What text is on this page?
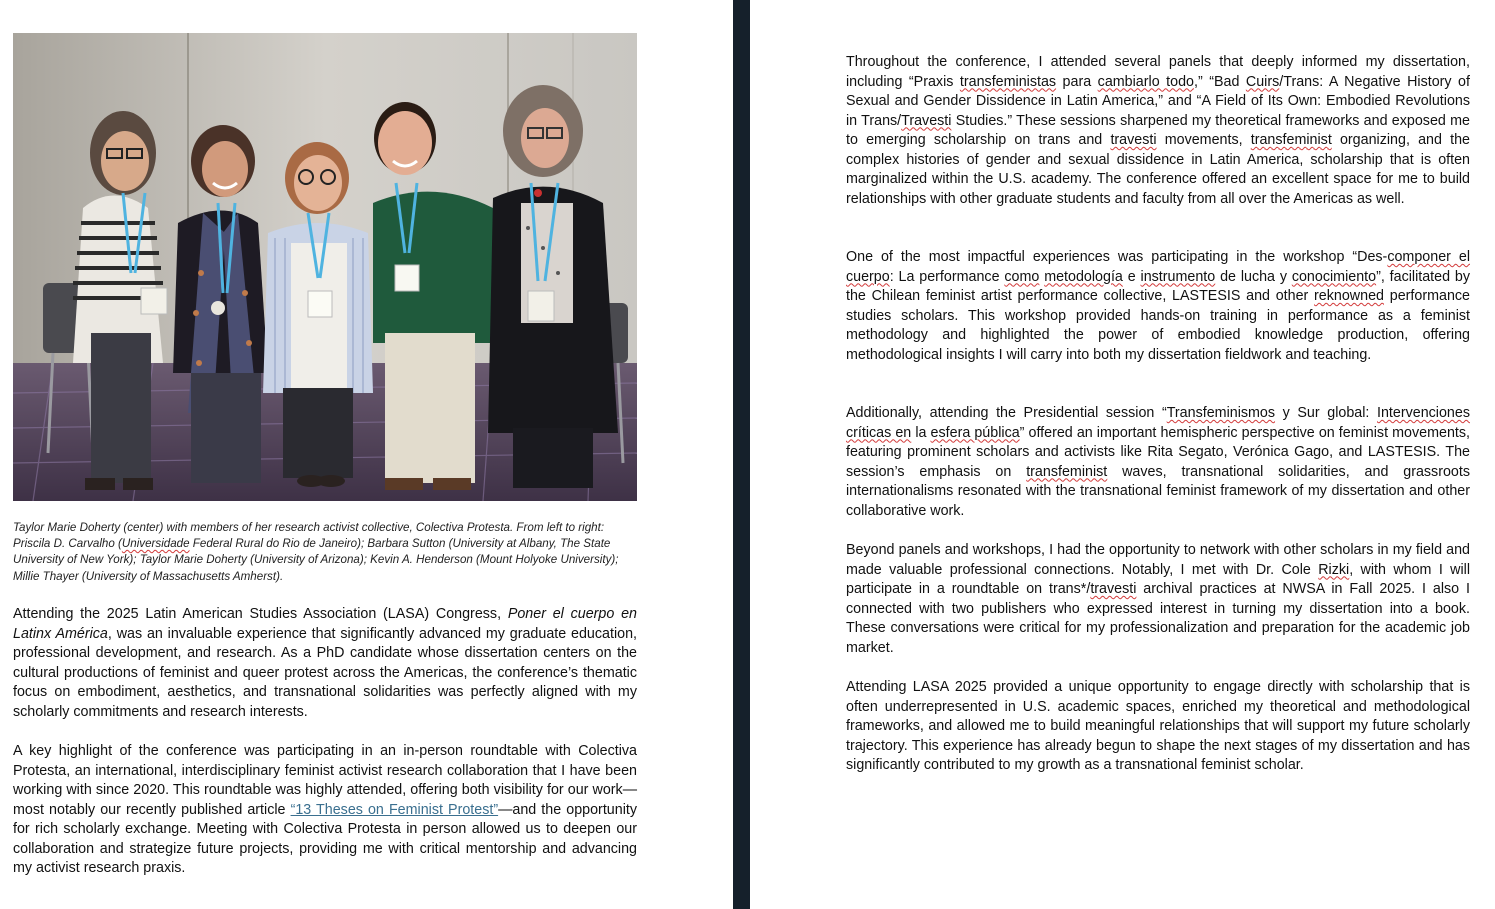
Taylor Marie Doherty (center) with members of her research activist collective, Colectiva Protesta. From left to right: Priscila D. Carvalho (Universidade Federal Rural do Rio de Janeiro); Barbara Sutton (University at Albany, The State University of New York); Taylor Marie Doherty (University of Arizona); Kevin A. Henderson (Mount Holyoke University); Millie Thayer (University of Massachusetts Amherst).

Attending the 2025 Latin American Studies Association (LASA) Congress, Poner el cuerpo en Latinx América, was an invaluable experience that significantly advanced my graduate education, professional development, and research. As a PhD candidate whose dissertation centers on the cultural productions of feminist and queer protest across the Americas, the conference’s thematic focus on embodiment, aesthetics, and transnational solidarities was perfectly aligned with my scholarly commitments and research interests.

A key highlight of the conference was participating in an in-person roundtable with Colectiva Protesta, an international, interdisciplinary feminist activist research collaboration that I have been working with since 2020. This roundtable was highly attended, offering both visibility for our work—most notably our recently published article “13 Theses on Feminist Protest”—and the opportunity for rich scholarly exchange. Meeting with Colectiva Protesta in person allowed us to deepen our collaboration and strategize future projects, providing me with critical mentorship and advancing my activist research praxis.

Throughout the conference, I attended several panels that deeply informed my dissertation, including “Praxis transfeministas para cambiarlo todo,” “Bad Cuirs/Trans: A Negative History of Sexual and Gender Dissidence in Latin America,” and “A Field of Its Own: Embodied Revolutions in Trans/Travesti Studies.” These sessions sharpened my theoretical frameworks and exposed me to emerging scholarship on trans and travesti movements, transfeminist organizing, and the complex histories of gender and sexual dissidence in Latin America, scholarship that is often marginalized within the U.S. academy. The conference offered an excellent space for me to build relationships with other graduate students and faculty from all over the Americas as well.

One of the most impactful experiences was participating in the workshop “Des-componer el cuerpo: La performance como metodología e instrumento de lucha y conocimiento”, facilitated by the Chilean feminist artist performance collective, LASTESIS and other reknowned performance studies scholars. This workshop provided hands-on training in performance as a feminist methodology and highlighted the power of embodied knowledge production, offering methodological insights I will carry into both my dissertation fieldwork and teaching.

Additionally, attending the Presidential session “Transfeminismos y Sur global: Intervenciones críticas en la esfera pública” offered an important hemispheric perspective on feminist movements, featuring prominent scholars and activists like Rita Segato, Verónica Gago, and LASTESIS. The session’s emphasis on transfeminist waves, transnational solidarities, and grassroots internationalisms resonated with the transnational feminist framework of my dissertation and other collaborative work.

Beyond panels and workshops, I had the opportunity to network with other scholars in my field and made valuable professional connections. Notably, I met with Dr. Cole Rizki, with whom I will participate in a roundtable on trans*/travesti archival practices at NWSA in Fall 2025. I also I connected with two publishers who expressed interest in turning my dissertation into a book. These conversations were critical for my professionalization and preparation for the academic job market.

Attending LASA 2025 provided a unique opportunity to engage directly with scholarship that is often underrepresented in U.S. academic spaces, enriched my theoretical and methodological frameworks, and allowed me to build meaningful relationships that will support my future scholarly trajectory. This experience has already begun to shape the next stages of my dissertation and has significantly contributed to my growth as a transnational feminist scholar.
